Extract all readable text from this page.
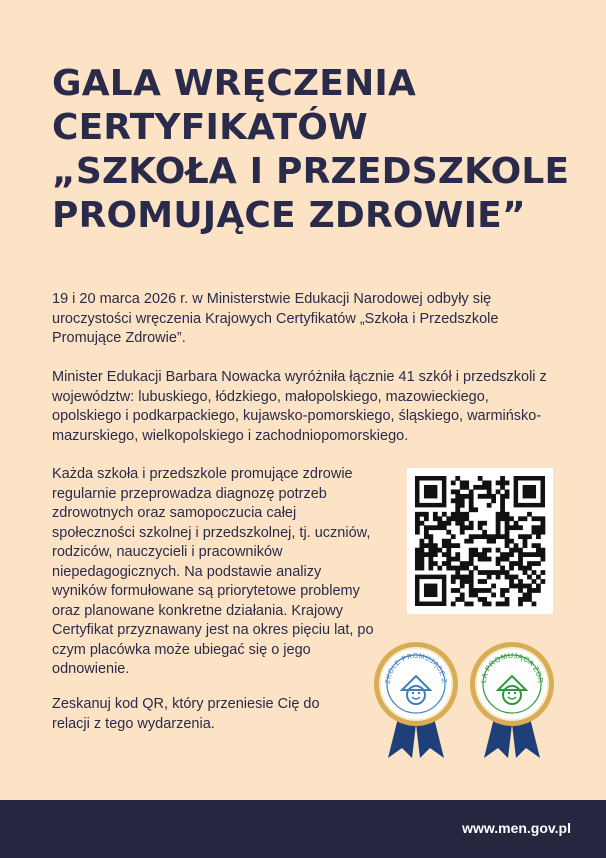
GALA WRĘCZENIA
CERTYFIKATÓW
„SZKOŁA I PRZEDSZKOLE
PROMUJĄCE ZDROWIE”

19 i 20 marca 2026 r. w Ministerstwie Edukacji Narodowej odbyły się uroczystości wręczenia Krajowych Certyfikatów „Szkoła i Przedszkole Promujące Zdrowie”.

Minister Edukacji Barbara Nowacka wyróżniła łącznie 41 szkół i przedszkoli z województw: lubuskiego, łódzkiego, małopolskiego, mazowieckiego, opolskiego i podkarpackiego, kujawsko-pomorskiego, śląskiego, warmińsko-mazurskiego, wielkopolskiego i zachodniopomorskiego.

Każda szkoła i przedszkole promujące zdrowie regularnie przeprowadza diagnozę potrzeb zdrowotnych oraz samopoczucia całej społeczności szkolnej i przedszkolnej, tj. uczniów, rodziców, nauczycieli i pracowników niepedagogicznych. Na podstawie analizy wyników formułowane są priorytetowe problemy oraz planowane konkretne działania. Krajowy Certyfikat przyznawany jest na okres pięciu lat, po czym placówka może ubiegać się o jego odnowienie.

Zeskanuj kod QR, który przeniesie Cię do relacji z tego wydarzenia.

ZKOLE PROMUJĄCE Z	ŁA PROMUJĄCA ZDR
www.men.gov.pl
